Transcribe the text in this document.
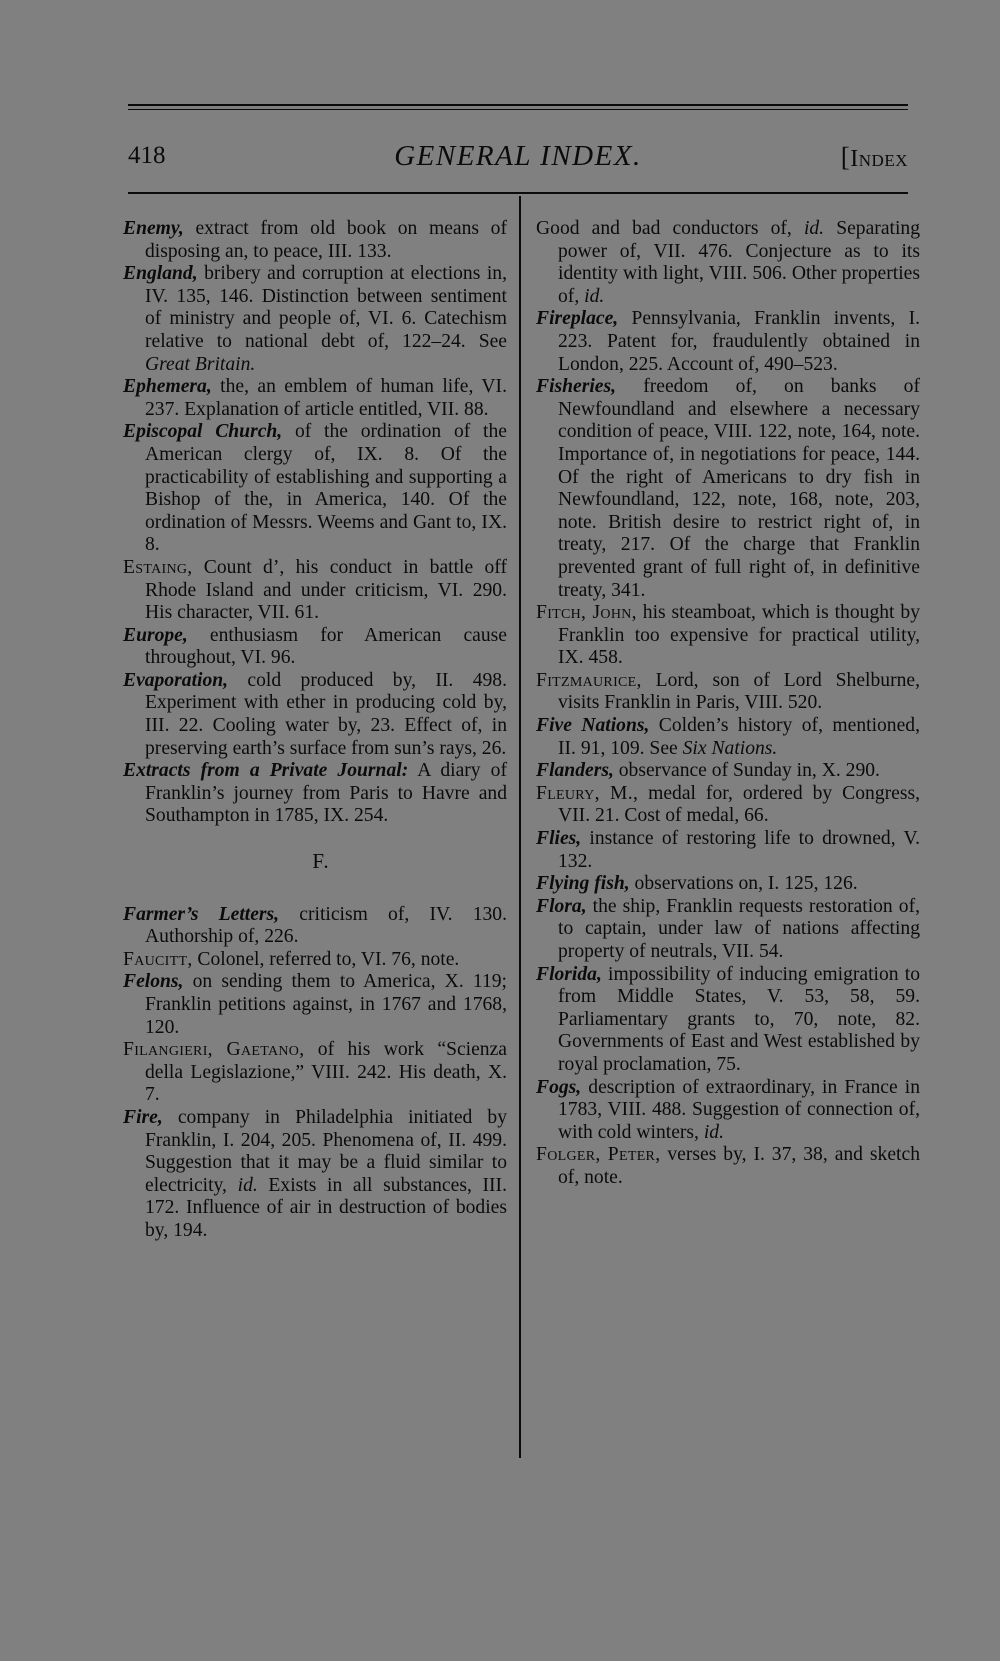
418	GENERAL INDEX.	[Index

Enemy, extract from old book on means of disposing an, to peace, III. 133.

England, bribery and corruption at elections in, IV. 135, 146. Distinction between sentiment of ministry and people of, VI. 6. Catechism relative to national debt of, 122–24. See Great Britain.

Ephemera, the, an emblem of human life, VI. 237. Explanation of article entitled, VII. 88.

Episcopal Church, of the ordination of the American clergy of, IX. 8. Of the practicability of establishing and supporting a Bishop of the, in America, 140. Of the ordination of Messrs. Weems and Gant to, IX. 8.

Estaing, Count d’, his conduct in battle off Rhode Island and under criticism, VI. 290. His character, VII. 61.

Europe, enthusiasm for American cause throughout, VI. 96.

Evaporation, cold produced by, II. 498. Experiment with ether in producing cold by, III. 22. Cooling water by, 23. Effect of, in preserving earth’s surface from sun’s rays, 26.

Extracts from a Private Journal: A diary of Franklin’s journey from Paris to Havre and Southampton in 1785, IX. 254.

F.

Farmer’s Letters, criticism of, IV. 130. Authorship of, 226.

Faucitt, Colonel, referred to, VI. 76, note.

Felons, on sending them to America, X. 119; Franklin petitions against, in 1767 and 1768, 120.

Filangieri, Gaetano, of his work “Scienza della Legislazione,” VIII. 242. His death, X. 7.

Fire, company in Philadelphia initiated by Franklin, I. 204, 205. Phenomena of, II. 499. Suggestion that it may be a fluid similar to electricity, id. Exists in all substances, III. 172. Influence of air in destruction of bodies by, 194.

Good and bad conductors of, id. Separating power of, VII. 476. Conjecture as to its identity with light, VIII. 506. Other properties of, id.

Fireplace, Pennsylvania, Franklin invents, I. 223. Patent for, fraudulently obtained in London, 225. Account of, 490–523.

Fisheries, freedom of, on banks of Newfoundland and elsewhere a necessary condition of peace, VIII. 122, note, 164, note. Importance of, in negotiations for peace, 144. Of the right of Americans to dry fish in Newfoundland, 122, note, 168, note, 203, note. British desire to restrict right of, in treaty, 217. Of the charge that Franklin prevented grant of full right of, in definitive treaty, 341.

Fitch, John, his steamboat, which is thought by Franklin too expensive for practical utility, IX. 458.

Fitzmaurice, Lord, son of Lord Shelburne, visits Franklin in Paris, VIII. 520.

Five Nations, Colden’s history of, mentioned, II. 91, 109. See Six Nations.

Flanders, observance of Sunday in, X. 290.

Fleury, M., medal for, ordered by Congress, VII. 21. Cost of medal, 66.

Flies, instance of restoring life to drowned, V. 132.

Flying fish, observations on, I. 125, 126.

Flora, the ship, Franklin requests restoration of, to captain, under law of nations affecting property of neutrals, VII. 54.

Florida, impossibility of inducing emigration to from Middle States, V. 53, 58, 59. Parliamentary grants to, 70, note, 82. Governments of East and West established by royal proclamation, 75.

Fogs, description of extraordinary, in France in 1783, VIII. 488. Suggestion of connection of, with cold winters, id.

Folger, Peter, verses by, I. 37, 38, and sketch of, note.
